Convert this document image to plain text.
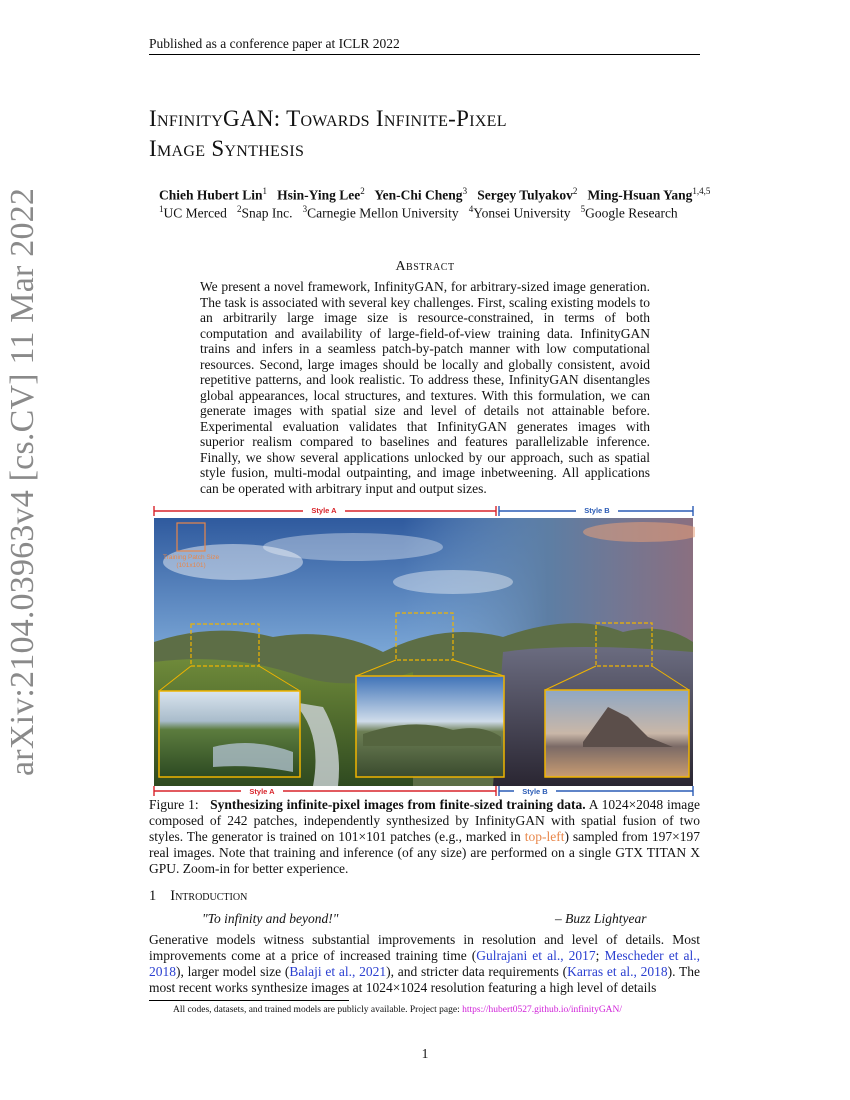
Published as a conference paper at ICLR 2022
arXiv:2104.03963v4 [cs.CV] 11 Mar 2022
InfinityGAN: Towards Infinite-Pixel
Image Synthesis
Chieh Hubert Lin$^1$ Hsin-Ying Lee$^2$ Yen-Chi Cheng$^3$ Sergey Tulyakov$^2$ Ming-Hsuan Yang$^{1,4,5}$
$^1$UC Merced $^2$Snap Inc. $^3$Carnegie Mellon University $^4$Yonsei University $^5$Google Research
Abstract
We present a novel framework, InfinityGAN, for arbitrary-sized image generation. The task is associated with several key challenges. First, scaling existing models to an arbitrarily large image size is resource-constrained, in terms of both computation and availability of large-field-of-view training data. InfinityGAN trains and infers in a seamless patch-by-patch manner with low computational resources. Second, large images should be locally and globally consistent, avoid repetitive patterns, and look realistic. To address these, InfinityGAN disentangles global appearances, local structures, and textures. With this formulation, we can generate images with spatial size and level of details not attainable before. Experimental evaluation validates that InfinityGAN generates images with superior realism compared to baselines and features parallelizable inference. Finally, we show several applications unlocked by our approach, such as spatial style fusion, multi-modal outpainting, and image inbetweening. All applications can be operated with arbitrary input and output sizes.
Style A	Style B
Training Patch Size
(101x101)
Style A	Style B
Figure 1: Synthesizing infinite-pixel images from finite-sized training data. A 1024×2048 image composed of 242 patches, independently synthesized by InfinityGAN with spatial fusion of two styles. The generator is trained on 101×101 patches (e.g., marked in top-left) sampled from 197×197 real images. Note that training and inference (of any size) are performed on a single GTX TITAN X GPU. Zoom-in for better experience.
1 Introduction
"To infinity and beyond!"	– Buzz Lightyear
Generative models witness substantial improvements in resolution and level of details. Most improvements come at a price of increased training time (Gulrajani et al., 2017; Mescheder et al., 2018), larger model size (Balaji et al., 2021), and stricter data requirements (Karras et al., 2018). The most recent works synthesize images at 1024×1024 resolution featuring a high level of details
All codes, datasets, and trained models are publicly available. Project page: https://hubert0527.github.io/infinityGAN/
1
